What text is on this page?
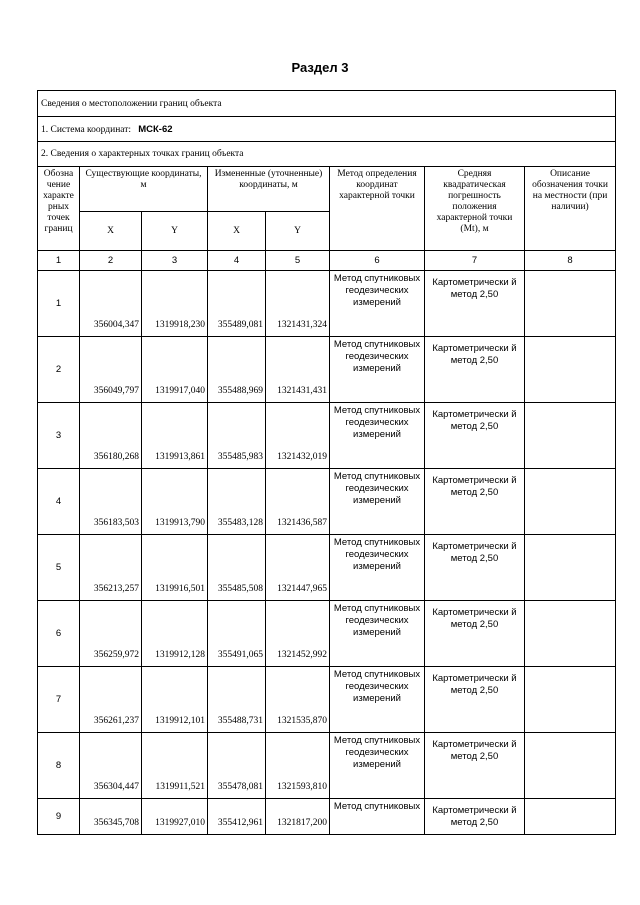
Раздел 3
Сведения о местоположении границ объекта							
1. Система координат: МСК-62							
2. Сведения о характерных точках границ объекта							
Обозна чение характе рных точек границ	Существующие координаты, м		Измененные (уточненные) координаты, м		Метод определения координат характерной точки	Средняя квадратическая погрешность положения характерной точки (Mt), м	Описание обозначения точки на местности (при наличии)
	X	Y	X	Y			
1	2	3	4	5	6	7	8
1	356004,347	1319918,230	355489,081	1321431,324	Метод спутниковых геодезических измерений	Картометрически й метод 2,50	
2	356049,797	1319917,040	355488,969	1321431,431	Метод спутниковых геодезических измерений	Картометрически й метод 2,50	
3	356180,268	1319913,861	355485,983	1321432,019	Метод спутниковых геодезических измерений	Картометрически й метод 2,50	
4	356183,503	1319913,790	355483,128	1321436,587	Метод спутниковых геодезических измерений	Картометрически й метод 2,50	
5	356213,257	1319916,501	355485,508	1321447,965	Метод спутниковых геодезических измерений	Картометрически й метод 2,50	
6	356259,972	1319912,128	355491,065	1321452,992	Метод спутниковых геодезических измерений	Картометрически й метод 2,50	
7	356261,237	1319912,101	355488,731	1321535,870	Метод спутниковых геодезических измерений	Картометрически й метод 2,50	
8	356304,447	1319911,521	355478,081	1321593,810	Метод спутниковых геодезических измерений	Картометрически й метод 2,50	
9	356345,708	1319927,010	355412,961	1321817,200	Метод спутниковых	Картометрически й метод 2,50	
